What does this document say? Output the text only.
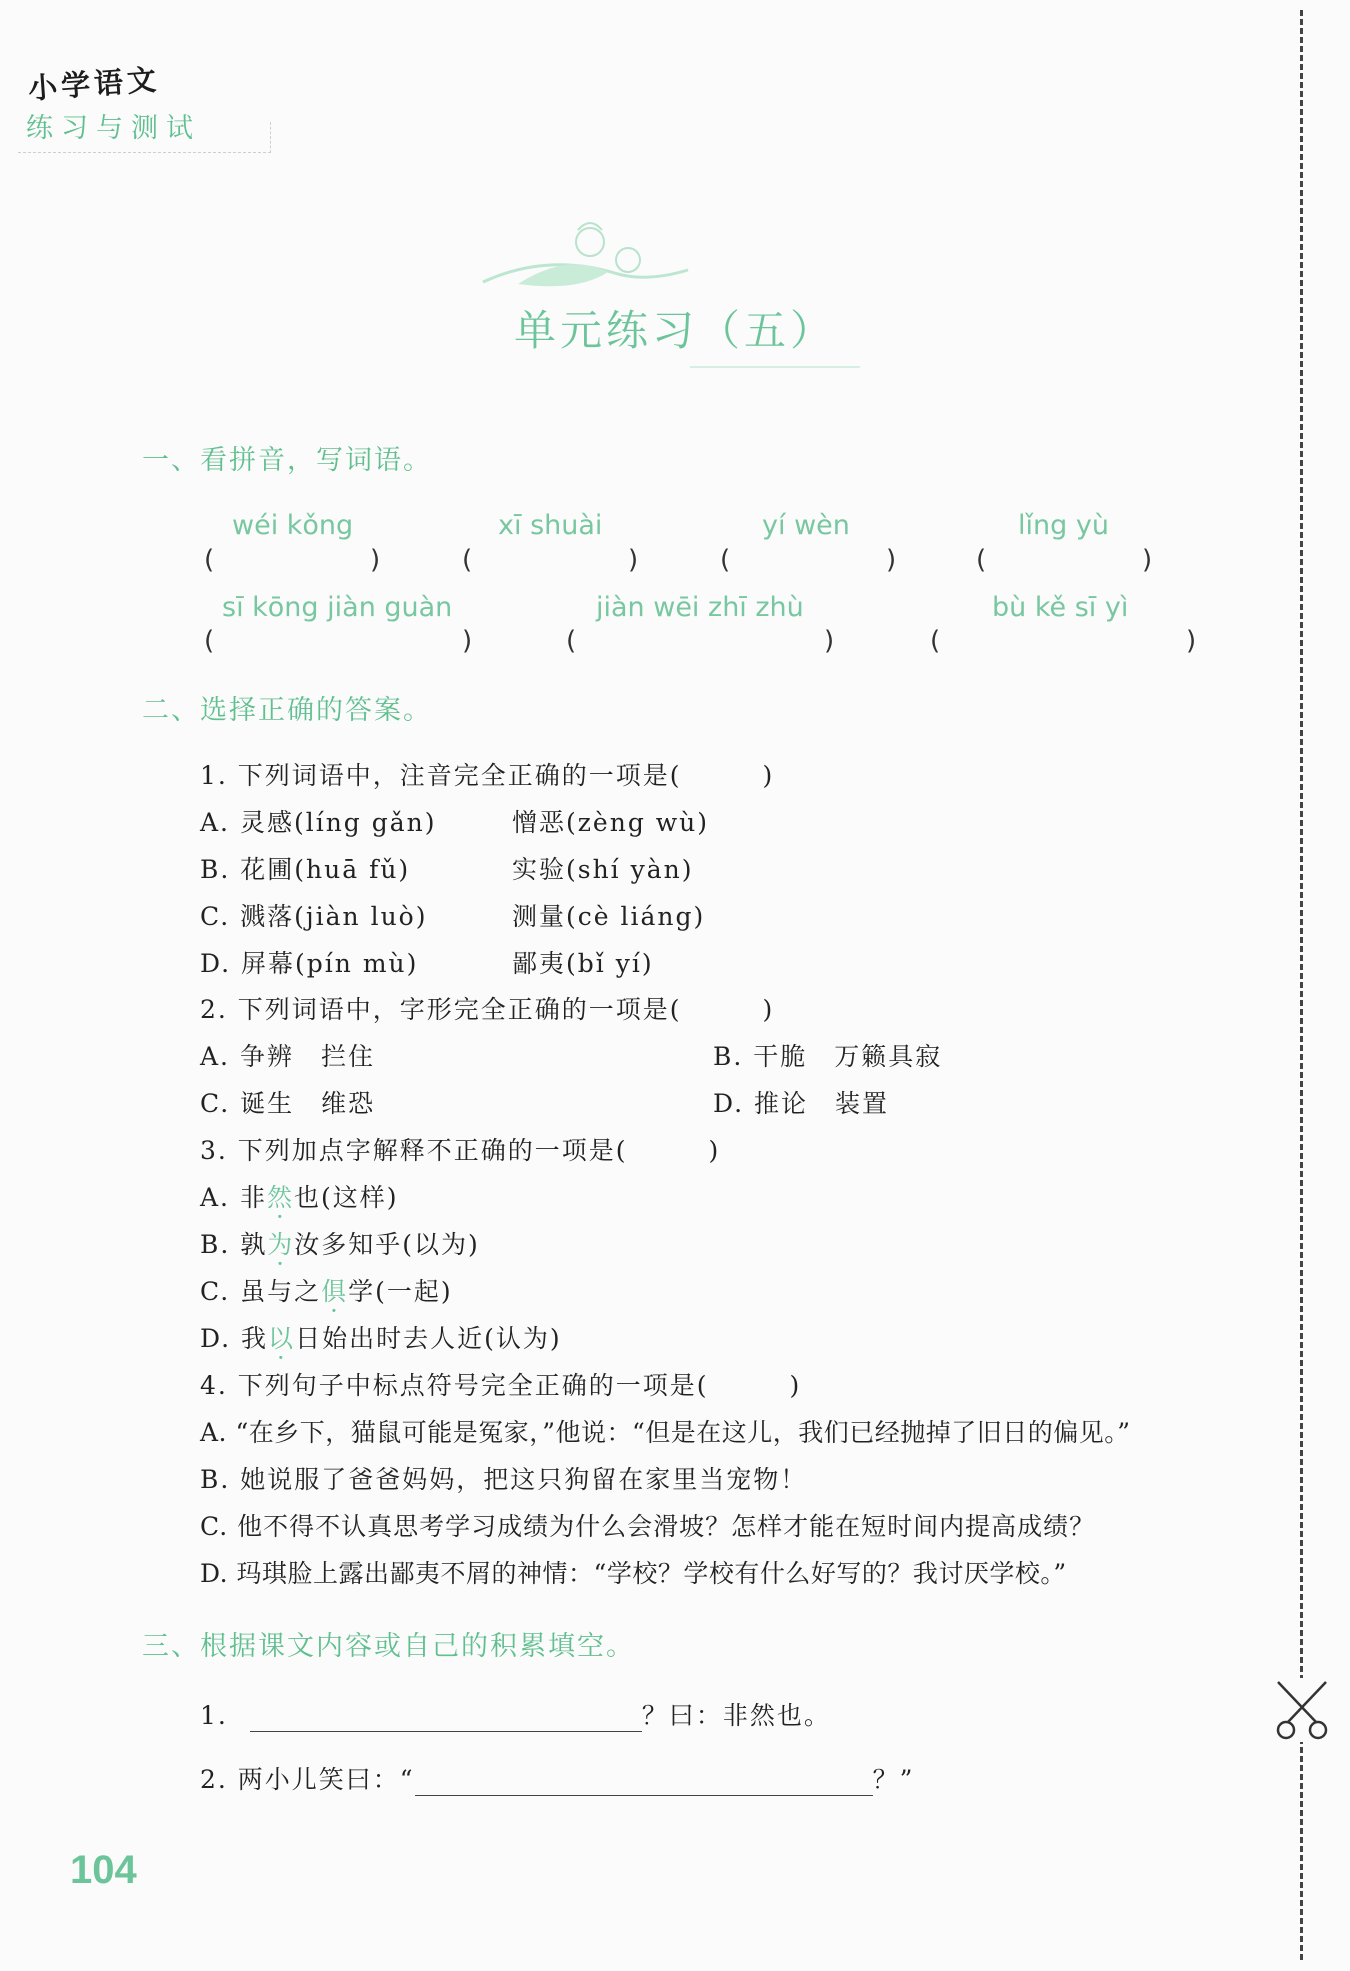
小学语文
练习与测试
单元练习（五）
一、看拼音，写词语。
wéi kǒng
(	)
xī shuài
(	)
yí wèn
(	)
lǐng yù
(	)
sī kōng jiàn guàn
(	)
jiàn wēi zhī zhù
(	)
bù kě sī yì
(	)
二、选择正确的答案。
1. 下列词语中，注音完全正确的一项是(　　　)
A. 灵感(líng gǎn)	憎恶(zèng wù)
B. 花圃(huā fǔ)	实验(shí yàn)
C. 溅落(jiàn luò)	测量(cè liáng)
D. 屏幕(pín mù)	鄙夷(bǐ yí)
2. 下列词语中，字形完全正确的一项是(　　　)
A. 争辨　拦住	B. 干脆　万籁具寂
C. 诞生　维恐	D. 推论　装置
3. 下列加点字解释不正确的一项是(　　　)
A. 非然也(这样)
B. 孰为汝多知乎(以为)
C. 虽与之俱学(一起)
D. 我以日始出时去人近(认为)
4. 下列句子中标点符号完全正确的一项是(　　　)
A. “在乡下，猫鼠可能是冤家，”他说：“但是在这儿，我们已经抛掉了旧日的偏见。”
B. 她说服了爸爸妈妈，把这只狗留在家里当宠物！
C. 他不得不认真思考学习成绩为什么会滑坡？怎样才能在短时间内提高成绩？
D. 玛琪脸上露出鄙夷不屑的神情：“学校？学校有什么好写的？我讨厌学校。”
三、根据课文内容或自己的积累填空。
1.	？曰：非然也。
2. 两小儿笑曰：“	？”
104
